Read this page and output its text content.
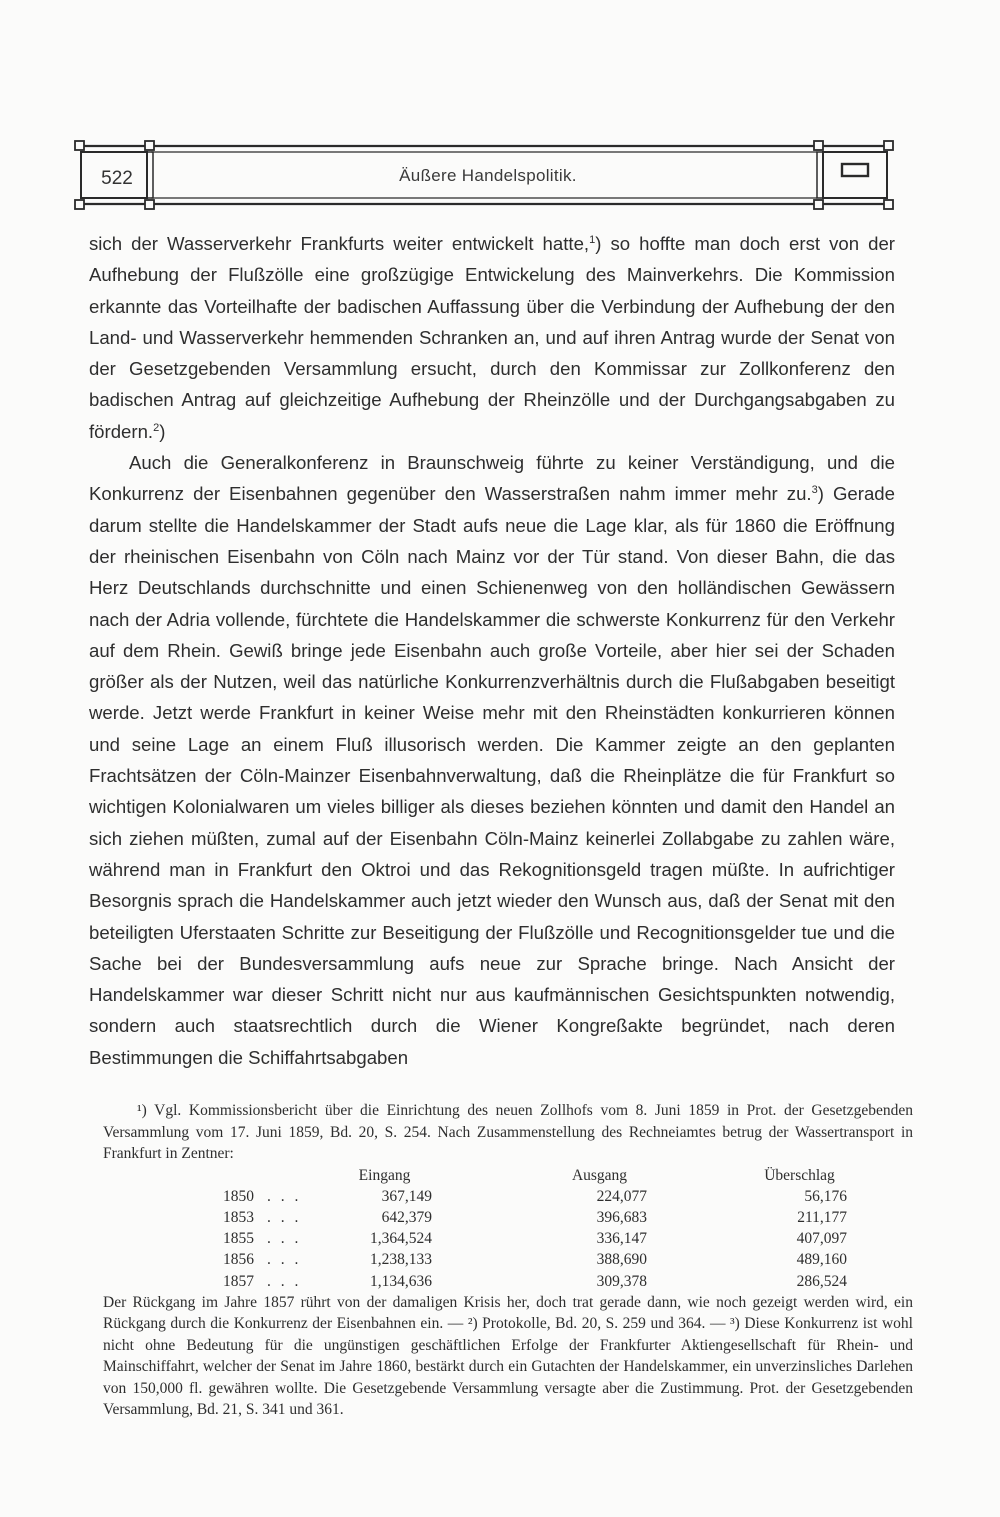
522	Äußere Handelspolitik.

sich der Wasserverkehr Frankfurts weiter entwickelt hatte,$^1$) so hoffte man doch erst von der Aufhebung der Flußzölle eine großzügige Entwickelung des Mainverkehrs. Die Kommission erkannte das Vorteilhafte der badischen Auffassung über die Verbindung der Aufhebung der den Land- und Wasserverkehr hemmenden Schranken an, und auf ihren Antrag wurde der Senat von der Gesetzgebenden Versammlung ersucht, durch den Kommissar zur Zollkonferenz den badischen Antrag auf gleichzeitige Aufhebung der Rheinzölle und der Durchgangsabgaben zu fördern.$^2$)

Auch die Generalkonferenz in Braunschweig führte zu keiner Verständigung, und die Konkurrenz der Eisenbahnen gegenüber den Wasserstraßen nahm immer mehr zu.$^3$) Gerade darum stellte die Handelskammer der Stadt aufs neue die Lage klar, als für 1860 die Eröffnung der rheinischen Eisenbahn von Cöln nach Mainz vor der Tür stand. Von dieser Bahn, die das Herz Deutschlands durchschnitte und einen Schienenweg von den holländischen Gewässern nach der Adria vollende, fürchtete die Handelskammer die schwerste Konkurrenz für den Verkehr auf dem Rhein. Gewiß bringe jede Eisenbahn auch große Vorteile, aber hier sei der Schaden größer als der Nutzen, weil das natürliche Konkurrenzverhältnis durch die Flußabgaben beseitigt werde. Jetzt werde Frankfurt in keiner Weise mehr mit den Rheinstädten konkurrieren können und seine Lage an einem Fluß illusorisch werden. Die Kammer zeigte an den geplanten Frachtsätzen der Cöln-Mainzer Eisenbahnverwaltung, daß die Rheinplätze die für Frankfurt so wichtigen Kolonialwaren um vieles billiger als dieses beziehen könnten und damit den Handel an sich ziehen müßten, zumal auf der Eisenbahn Cöln-Mainz keinerlei Zollabgabe zu zahlen wäre, während man in Frankfurt den Oktroi und das Rekognitionsgeld tragen müßte. In aufrichtiger Besorgnis sprach die Handelskammer auch jetzt wieder den Wunsch aus, daß der Senat mit den beteiligten Uferstaaten Schritte zur Beseitigung der Flußzölle und Recognitionsgelder tue und die Sache bei der Bundesversammlung aufs neue zur Sprache bringe. Nach Ansicht der Handelskammer war dieser Schritt nicht nur aus kaufmännischen Gesichtspunkten notwendig, sondern auch staatsrechtlich durch die Wiener Kongreßakte begründet, nach deren Bestimmungen die Schiffahrtsabgaben

¹) Vgl. Kommissionsbericht über die Einrichtung des neuen Zollhofs vom 8. Juni 1859 in Prot. der Gesetzgebenden Versammlung vom 17. Juni 1859, Bd. 20, S. 254. Nach Zusammenstellung des Rechneiamtes betrug der Wassertransport in Frankfurt in Zentner:

		Eingang		Ausgang		Überschlag
1850	. . .	367,149		224,077		56,176
1853	. . .	642,379		396,683		211,177
1855	. . .	1,364,524		336,147		407,097
1856	. . .	1,238,133		388,690		489,160
1857	. . .	1,134,636		309,378		286,524

Der Rückgang im Jahre 1857 rührt von der damaligen Krisis her, doch trat gerade dann, wie noch gezeigt werden wird, ein Rückgang durch die Konkurrenz der Eisenbahnen ein. — ²) Protokolle, Bd. 20, S. 259 und 364. — ³) Diese Konkurrenz ist wohl nicht ohne Bedeutung für die ungünstigen geschäftlichen Erfolge der Frankfurter Aktiengesellschaft für Rhein- und Mainschiffahrt, welcher der Senat im Jahre 1860, bestärkt durch ein Gutachten der Handelskammer, ein unverzinsliches Darlehen von 150,000 fl. gewähren wollte. Die Gesetzgebende Versammlung versagte aber die Zustimmung. Prot. der Gesetzgebenden Versammlung, Bd. 21, S. 341 und 361.
